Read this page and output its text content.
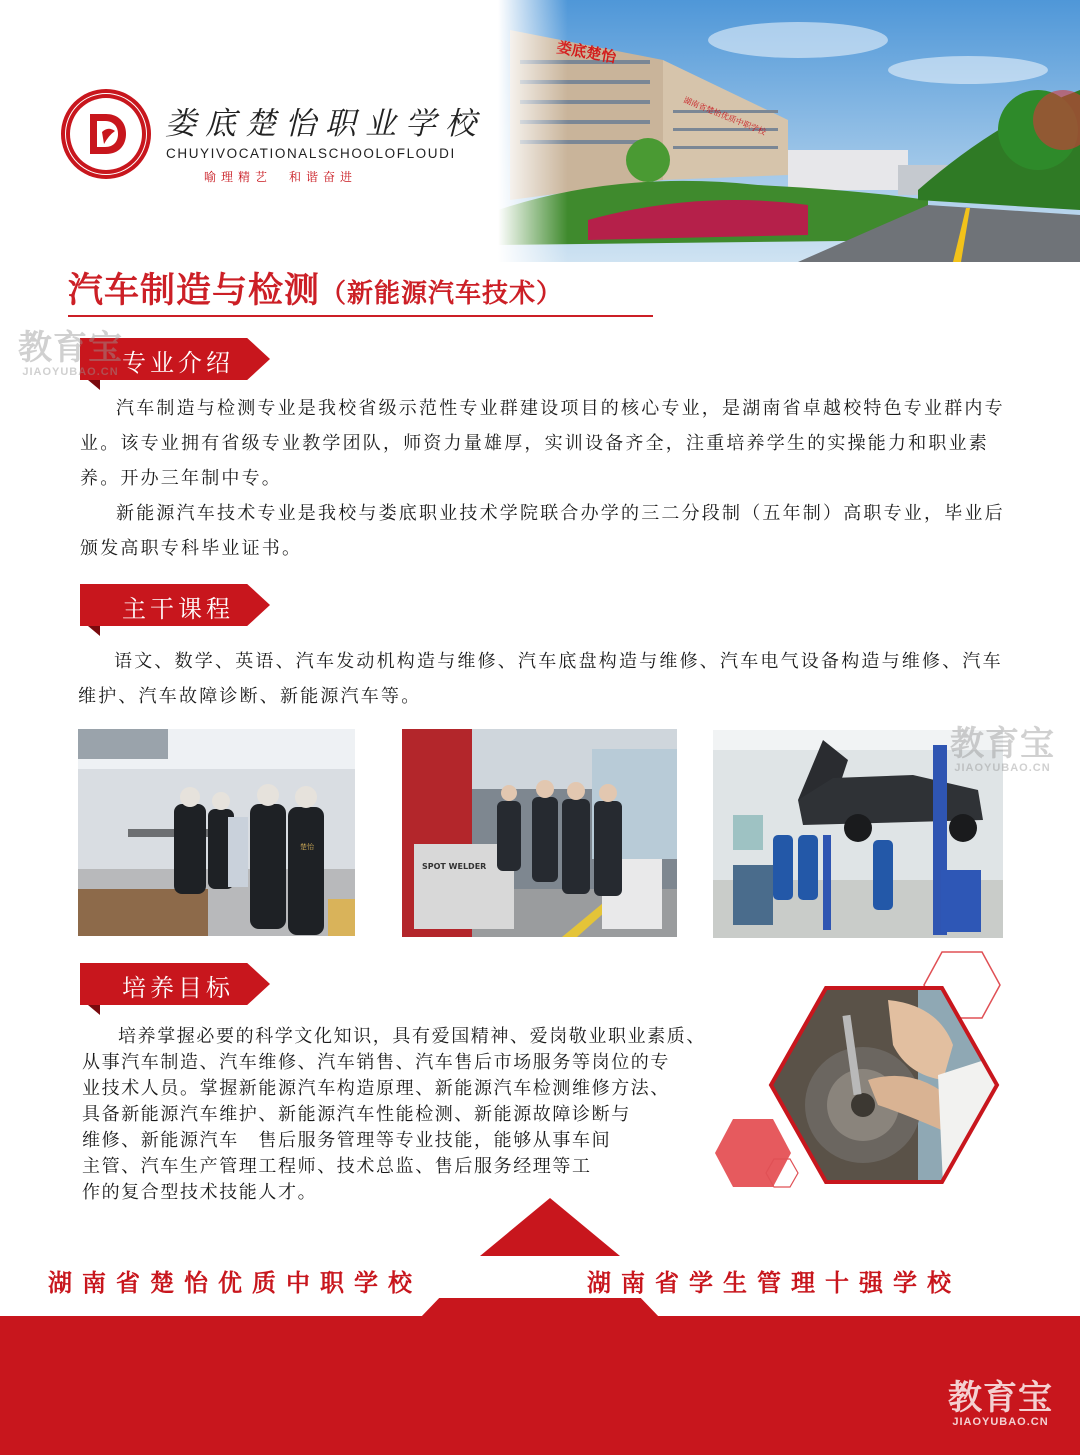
娄底楚怡职业学校
CHUYIVOCATIONALSCHOOLOFLOUDI
喻理精艺　和谐奋进
汽车制造与检测（新能源汽车技术）
专业介绍

汽车制造与检测专业是我校省级示范性专业群建设项目的核心专业，是湖南省卓越校特色专业群内专业。该专业拥有省级专业教学团队，师资力量雄厚，实训设备齐全，注重培养学生的实操能力和职业素养。开办三年制中专。

新能源汽车技术专业是我校与娄底职业技术学院联合办学的三二分段制（五年制）高职专业，毕业后颁发高职专科毕业证书。

主干课程

语文、数学、英语、汽车发动机构造与维修、汽车底盘构造与维修、汽车电气设备构造与维修、汽车维护、汽车故障诊断、新能源汽车等。

楚怡
SPOT WELDER
培养目标
培养掌握必要的科学文化知识，具有爱国精神、爱岗敬业职业素质、
从事汽车制造、汽车维修、汽车销售、汽车售后市场服务等岗位的专
业技术人员。掌握新能源汽车构造原理、新能源汽车检测维修方法、
具备新能源汽车维护、新能源汽车性能检测、新能源故障诊断与
维修、新能源汽车　售后服务管理等专业技能，能够从事车间
主管、汽车生产管理工程师、技术总监、售后服务经理等工
作的复合型技术技能人才。
湖南省楚怡优质中职学校	湖南省学生管理十强学校
教育宝
JIAOYUBAO.CN
教育宝
JIAOYUBAO.CN
教育宝
JIAOYUBAO.CN
